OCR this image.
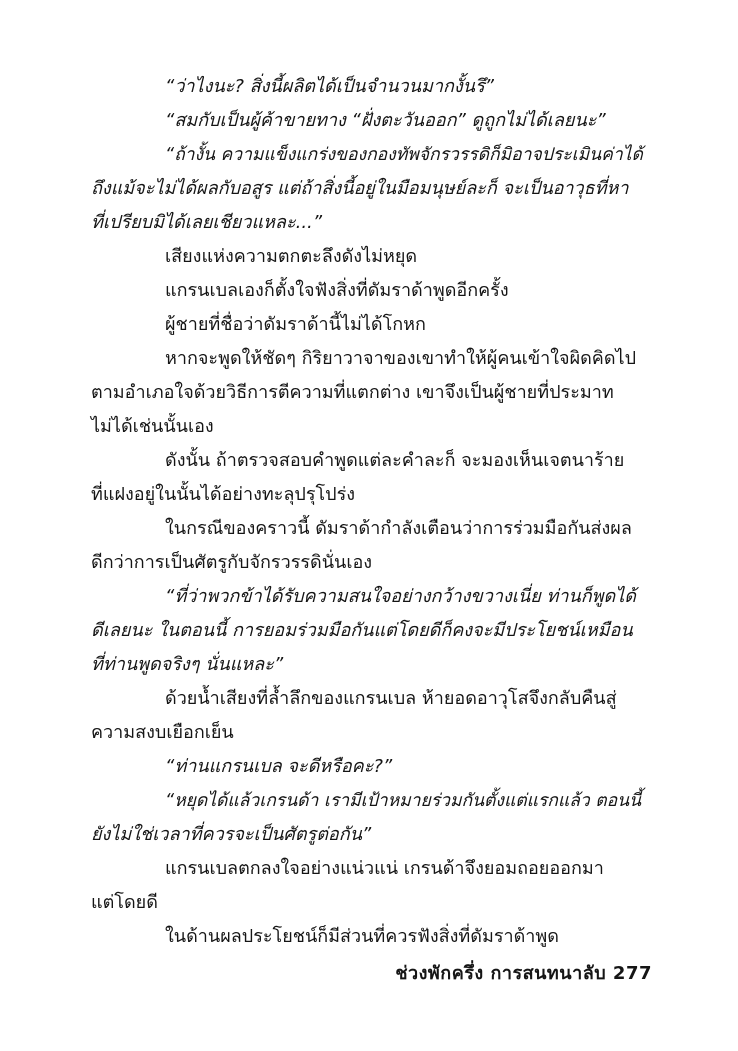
“ว่าไงนะ? สิ่งนี้ผลิตได้เป็นจำนวนมากงั้นรึ”
“สมกับเป็นผู้ค้าขายทาง “ฝั่งตะวันออก” ดูถูกไม่ได้เลยนะ”
“ถ้างั้น ความแข็งแกร่งของกองทัพจักรวรรดิก็มิอาจประเมินค่าได้
ถึงแม้จะไม่ได้ผลกับอสูร แต่ถ้าสิ่งนี้อยู่ในมือมนุษย์ละก็ จะเป็นอาวุธที่หา
ที่เปรียบมิได้เลยเชียวแหละ...”
เสียงแห่งความตกตะลึงดังไม่หยุด
แกรนเบลเองก็ตั้งใจฟังสิ่งที่ดัมราด้าพูดอีกครั้ง
ผู้ชายที่ชื่อว่าดัมราด้านี้ไม่ได้โกหก
หากจะพูดให้ชัดๆ กิริยาวาจาของเขาทำให้ผู้คนเข้าใจผิดคิดไป
ตามอำเภอใจด้วยวิธีการตีความที่แตกต่าง เขาจึงเป็นผู้ชายที่ประมาท
ไม่ได้เช่นนั้นเอง
ดังนั้น ถ้าตรวจสอบคำพูดแต่ละคำละก็ จะมองเห็นเจตนาร้าย
ที่แฝงอยู่ในนั้นได้อย่างทะลุปรุโปร่ง
ในกรณีของคราวนี้ ดัมราด้ากำลังเตือนว่าการร่วมมือกันส่งผล
ดีกว่าการเป็นศัตรูกับจักรวรรดินั่นเอง
“ที่ว่าพวกข้าได้รับความสนใจอย่างกว้างขวางเนี่ย ท่านก็พูดได้
ดีเลยนะ ในตอนนี้ การยอมร่วมมือกันแต่โดยดีก็คงจะมีประโยชน์เหมือน
ที่ท่านพูดจริงๆ นั่นแหละ”
ด้วยน้ำเสียงที่ล้ำลึกของแกรนเบล ห้ายอดอาวุโสจึงกลับคืนสู่
ความสงบเยือกเย็น
“ท่านแกรนเบล จะดีหรือคะ?”
“หยุดได้แล้วเกรนด้า เรามีเป้าหมายร่วมกันตั้งแต่แรกแล้ว ตอนนี้
ยังไม่ใช่เวลาที่ควรจะเป็นศัตรูต่อกัน”
แกรนเบลตกลงใจอย่างแน่วแน่ เกรนด้าจึงยอมถอยออกมา
แต่โดยดี
ในด้านผลประโยชน์ก็มีส่วนที่ควรฟังสิ่งที่ดัมราด้าพูด
ช่วงพักครึ่ง การสนทนาลับ 277
